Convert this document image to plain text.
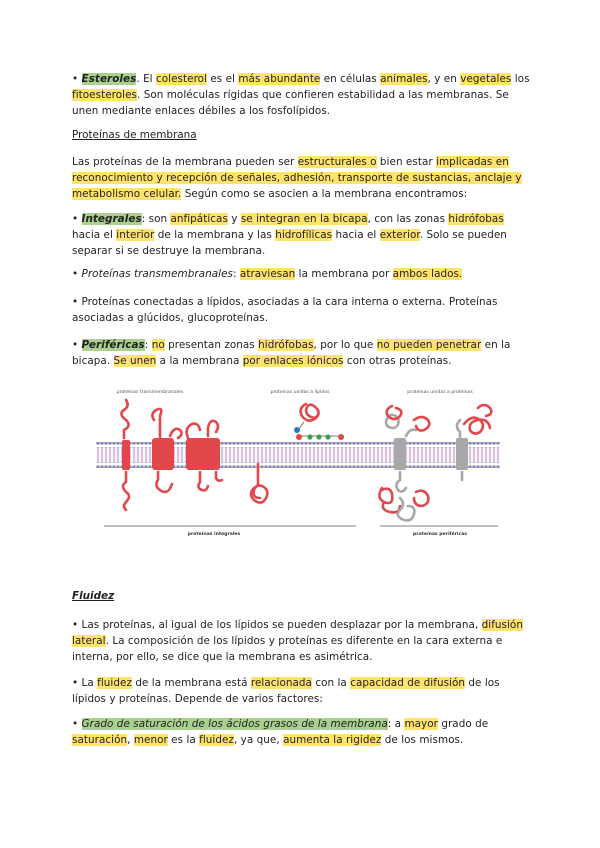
• Esteroles. El colesterol es el más abundante en células animales, y en vegetales los fitoesteroles. Son moléculas rígidas que confieren estabilidad a las membranas. Se unen mediante enlaces débiles a los fosfolípidos.

Proteínas de membrana

Las proteínas de la membrana pueden ser estructurales o bien estar implicadas en reconocimiento y recepción de señales, adhesión, transporte de sustancias, anclaje y metabolismo celular. Según como se asocien a la membrana encontramos:

• Integrales: son anfipáticas y se integran en la bicapa, con las zonas hidrófobas hacia el interior de la membrana y las hidrofílicas hacia el exterior. Solo se pueden separar si se destruye la membrana.

• Proteínas transmembranales: atraviesan la membrana por ambos lados.

• Proteínas conectadas a lípidos, asociadas a la cara interna o externa. Proteínas asociadas a glúcidos, glucoproteínas.

• Periféricas: no presentan zonas hidrófobas, por lo que no pueden penetrar en la bicapa. Se unen a la membrana por enlaces iónicos con otras proteínas.

proteínas transmembranales	proteínas unidas a lípidos	proteínas unidas a proteínas
proteínas integrales	proteínas periféricas
Fluidez

• Las proteínas, al igual de los lípidos se pueden desplazar por la membrana, difusión lateral. La composición de los lípidos y proteínas es diferente en la cara externa e interna, por ello, se dice que la membrana es asimétrica.

• La fluidez de la membrana está relacionada con la capacidad de difusión de los lípidos y proteínas. Depende de varios factores:

• Grado de saturación de los ácidos grasos de la membrana: a mayor grado de saturación, menor es la fluidez, ya que, aumenta la rigidez de los mismos.
